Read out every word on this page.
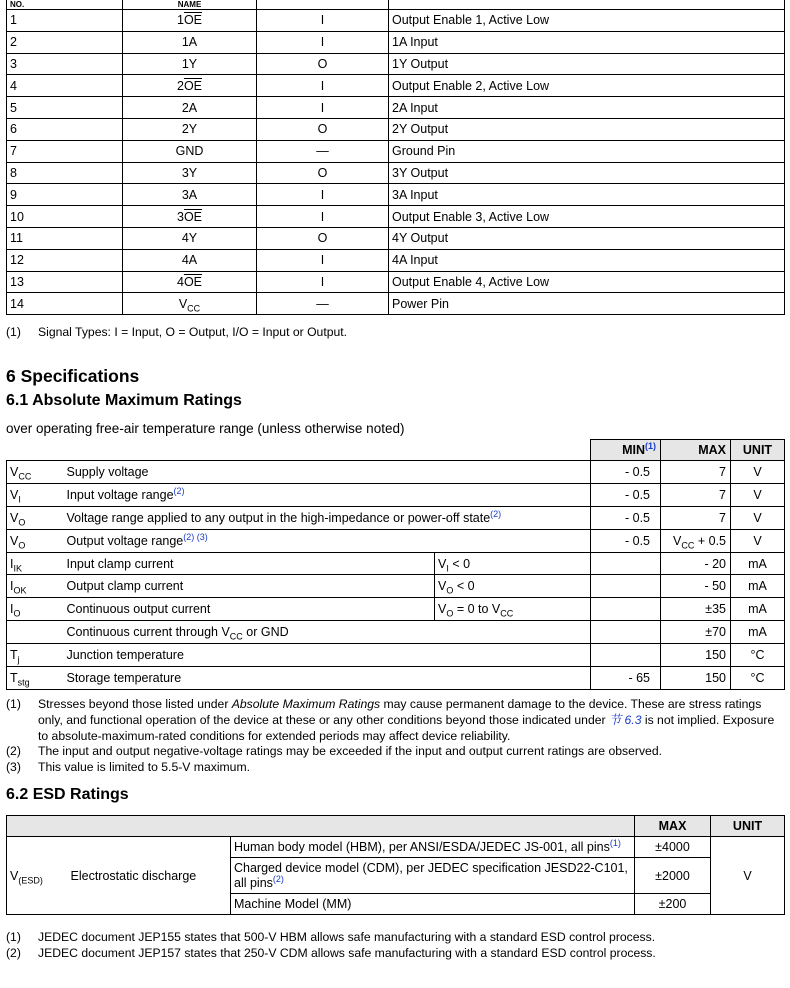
NO.	NAME		
1	$1\overline{OE}$	I	Output Enable 1, Active Low
2	1A	I	1A Input
3	1Y	O	1Y Output
4	$2\overline{OE}$	I	Output Enable 2, Active Low
5	2A	I	2A Input
6	2Y	O	2Y Output
7	GND	—	Ground Pin
8	3Y	O	3Y Output
9	3A	I	3A Input
10	$3\overline{OE}$	I	Output Enable 3, Active Low
11	4Y	O	4Y Output
12	4A	I	4A Input
13	$4\overline{OE}$	I	Output Enable 4, Active Low
14	$V_{CC}$	—	Power Pin
(1) Signal Types: I = Input, O = Output, I/O = Input or Output.
6 Specifications
6.1 Absolute Maximum Ratings
over operating free-air temperature range (unless otherwise noted)
			MIN$^{(1)}$	MAX	UNIT
$V_{CC}$	Supply voltage		- 0.5	7	V
$V_I$	Input voltage range$^{(2)}$		- 0.5	7	V
$V_O$	Voltage range applied to any output in the high-impedance or power-off state$^{(2)}$		- 0.5	7	V
$V_O$	Output voltage range$^{(2) (3)}$		- 0.5	$V_{CC} + 0.5$	V
$I_{IK}$	Input clamp current	$V_I < 0$		- 20	mA
$I_{OK}$	Output clamp current	$V_O < 0$		- 50	mA
$I_O$	Continuous output current	$V_O = 0$ to $V_{CC}$		±35	mA
	Continuous current through $V_{CC}$ or GND			±70	mA
$T_j$	Junction temperature			150	°C
$T_{stg}$	Storage temperature		- 65	150	°C
(1)	Stresses beyond those listed under Absolute Maximum Ratings may cause permanent damage to the device. These are stress ratings only, and functional operation of the device at these or any other conditions beyond those indicated under 节 6.3 is not implied. Exposure to absolute-maximum-rated conditions for extended periods may affect device reliability.
(2)	The input and output negative-voltage ratings may be exceeded if the input and output current ratings are observed.
(3)	This value is limited to 5.5-V maximum.
6.2 ESD Ratings
			MAX	UNIT
$V_{(ESD)}$	Electrostatic discharge	Human body model (HBM), per ANSI/ESDA/JEDEC JS-001, all pins$^{(1)}$	±4000	V
		Charged device model (CDM), per JEDEC specification JESD22-C101, all pins$^{(2)}$	±2000	
		Machine Model (MM)	±200	
(1)	JEDEC document JEP155 states that 500-V HBM allows safe manufacturing with a standard ESD control process.
(2)	JEDEC document JEP157 states that 250-V CDM allows safe manufacturing with a standard ESD control process.
